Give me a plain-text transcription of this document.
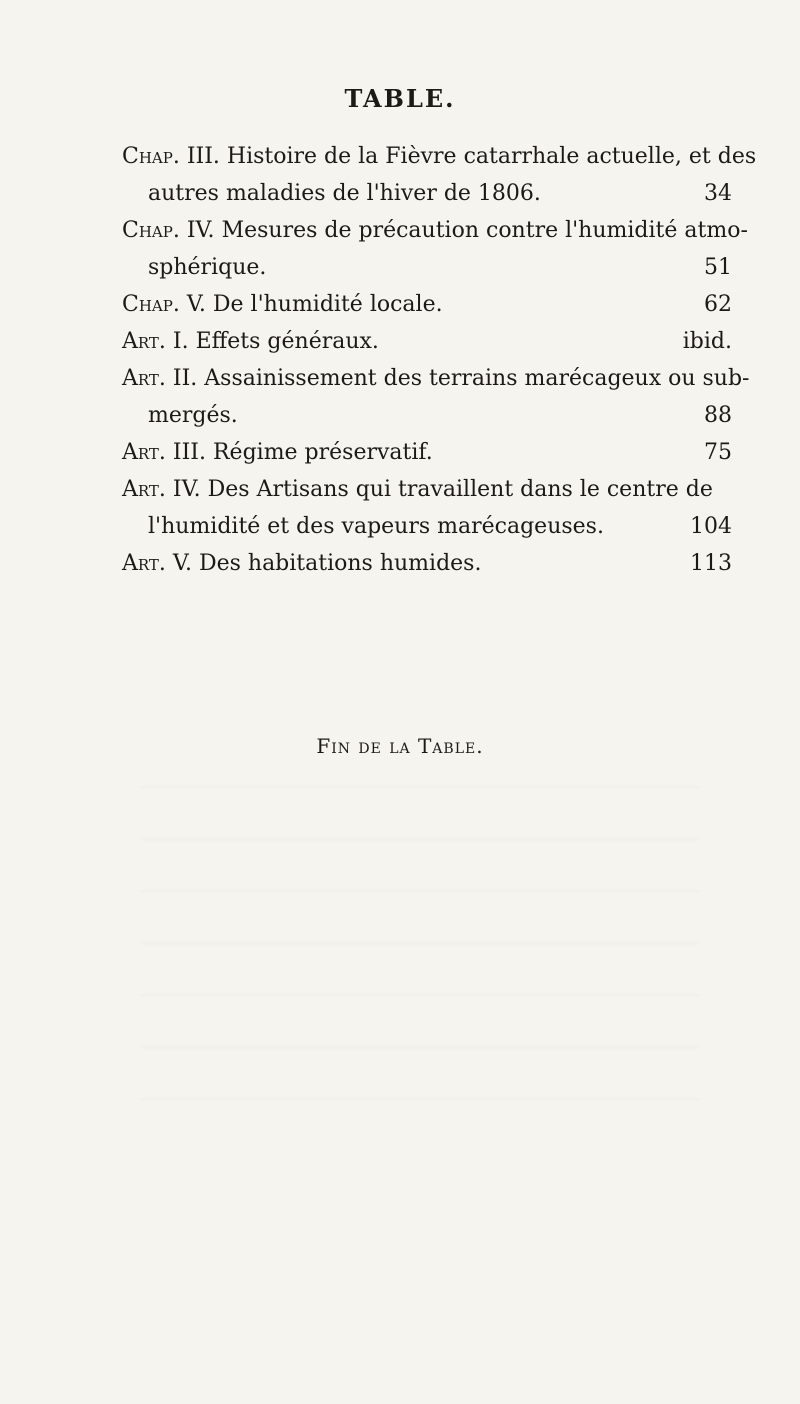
TABLE.
Chap. III. Histoire de la Fièvre catarrhale actuelle, et des
autres maladies de l'hiver de 1806.	34
Chap. IV. Mesures de précaution contre l'humidité atmo-
sphérique.	51
Chap. V. De l'humidité locale.	62
Art. I. Effets généraux.	ibid.
Art. II. Assainissement des terrains marécageux ou sub-
mergés.	88
Art. III. Régime préservatif.	75
Art. IV. Des Artisans qui travaillent dans le centre de
l'humidité et des vapeurs marécageuses.	104
Art. V. Des habitations humides.	113
Fin de la Table.
